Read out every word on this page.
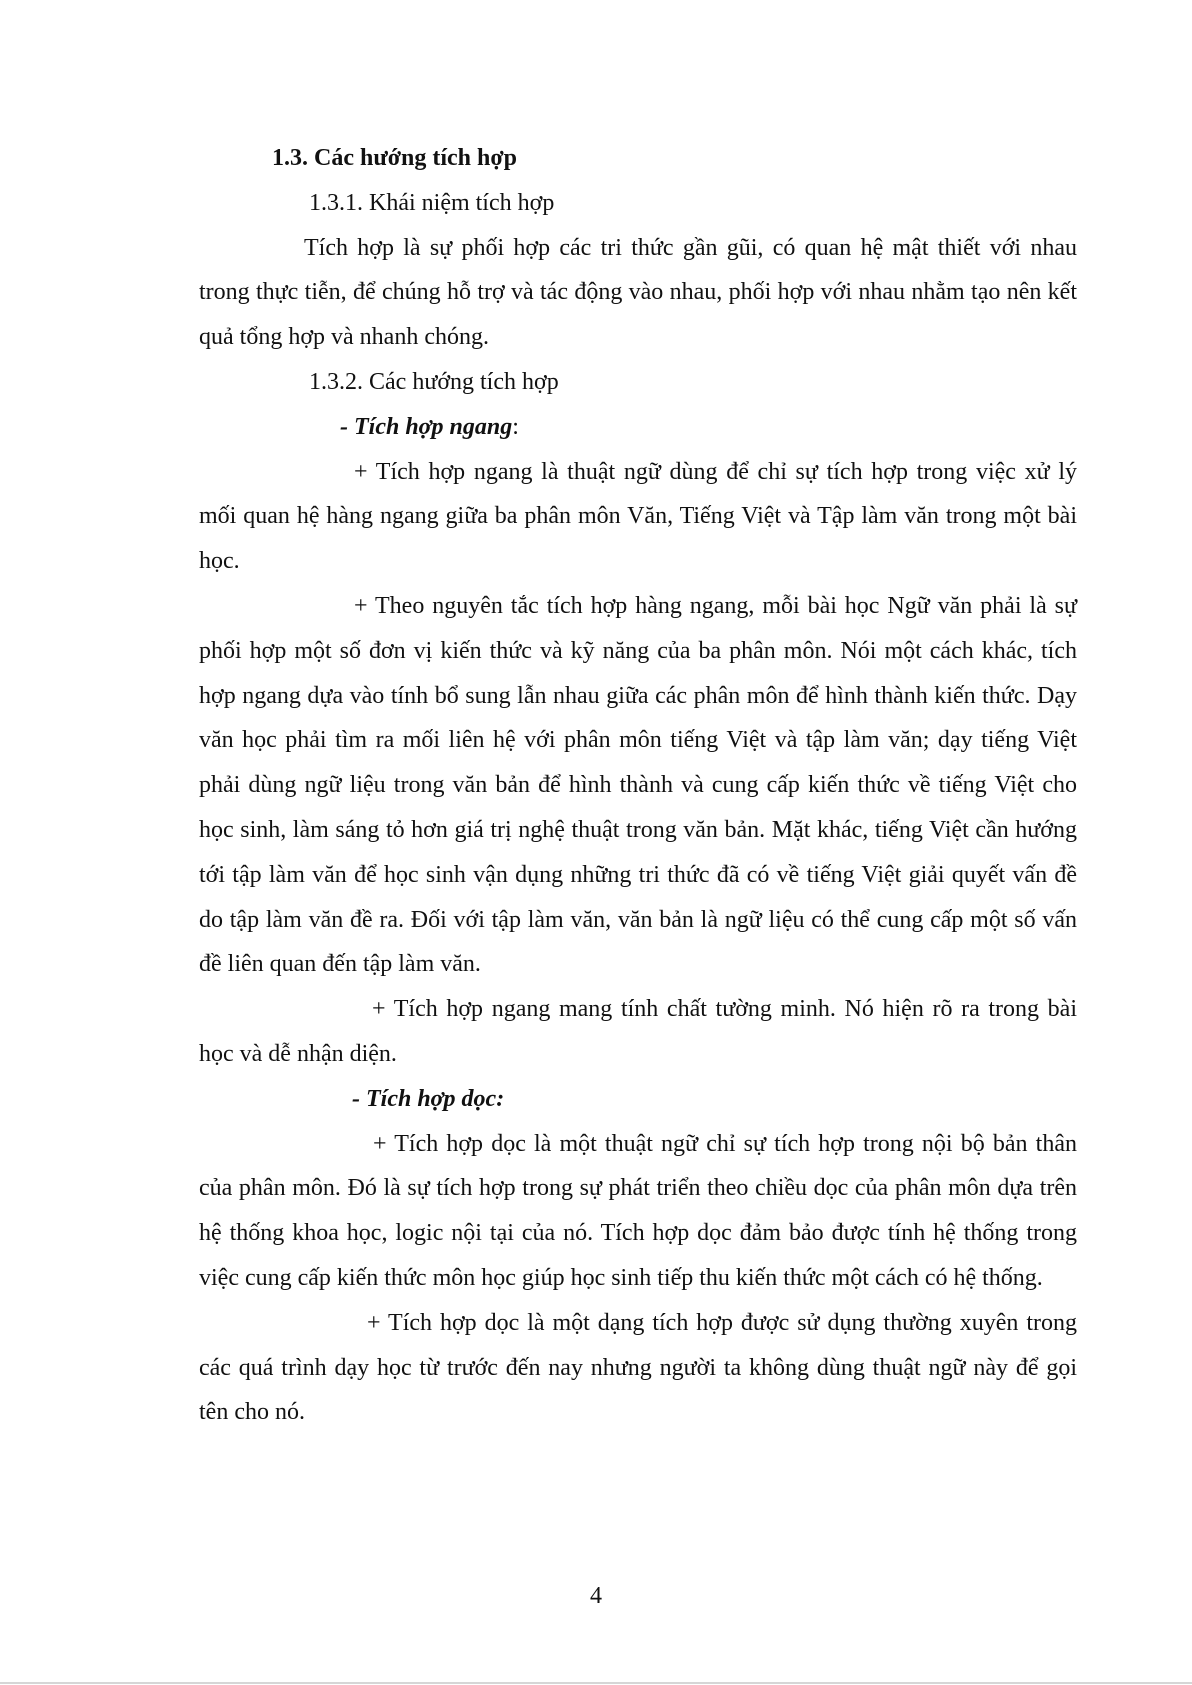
1.3. Các hướng tích hợp

1.3.1. Khái niệm tích hợp

Tích hợp là sự phối hợp các tri thức gần gũi, có quan hệ mật thiết với nhau trong thực tiễn, để chúng hỗ trợ và tác động vào nhau, phối hợp với nhau nhằm tạo nên kết quả tổng hợp và nhanh chóng.

1.3.2. Các hướng tích hợp

- Tích hợp ngang:

+ Tích hợp ngang là thuật ngữ dùng để chỉ sự tích hợp trong việc xử lý mối quan hệ hàng ngang giữa ba phân môn Văn, Tiếng Việt và Tập làm văn trong một bài học.

+ Theo nguyên tắc tích hợp hàng ngang, mỗi bài học Ngữ văn phải là sự phối hợp một số đơn vị kiến thức và kỹ năng của ba phân môn. Nói một cách khác, tích hợp ngang dựa vào tính bổ sung lẫn nhau giữa các phân môn để hình thành kiến thức. Dạy văn học phải tìm ra mối liên hệ với phân môn tiếng Việt và tập làm văn; dạy tiếng Việt phải dùng ngữ liệu trong văn bản để hình thành và cung cấp kiến thức về tiếng Việt cho học sinh, làm sáng tỏ hơn giá trị nghệ thuật trong văn bản. Mặt khác, tiếng Việt cần hướng tới tập làm văn để học sinh vận dụng những tri thức đã có về tiếng Việt giải quyết vấn đề do tập làm văn đề ra. Đối với tập làm văn, văn bản là ngữ liệu có thể cung cấp một số vấn đề liên quan đến tập làm văn.

+ Tích hợp ngang mang tính chất tường minh. Nó hiện rõ ra trong bài học và dễ nhận diện.

- Tích hợp dọc:

+ Tích hợp dọc là một thuật ngữ chỉ sự tích hợp trong nội bộ bản thân của phân môn. Đó là sự tích hợp trong sự phát triển theo chiều dọc của phân môn dựa trên hệ thống khoa học, logic nội tại của nó. Tích hợp dọc đảm bảo được tính hệ thống trong việc cung cấp kiến thức môn học giúp học sinh tiếp thu kiến thức một cách có hệ thống.

+ Tích hợp dọc là một dạng tích hợp được sử dụng thường xuyên trong các quá trình dạy học từ trước đến nay nhưng người ta không dùng thuật ngữ này để gọi tên cho nó.

4
